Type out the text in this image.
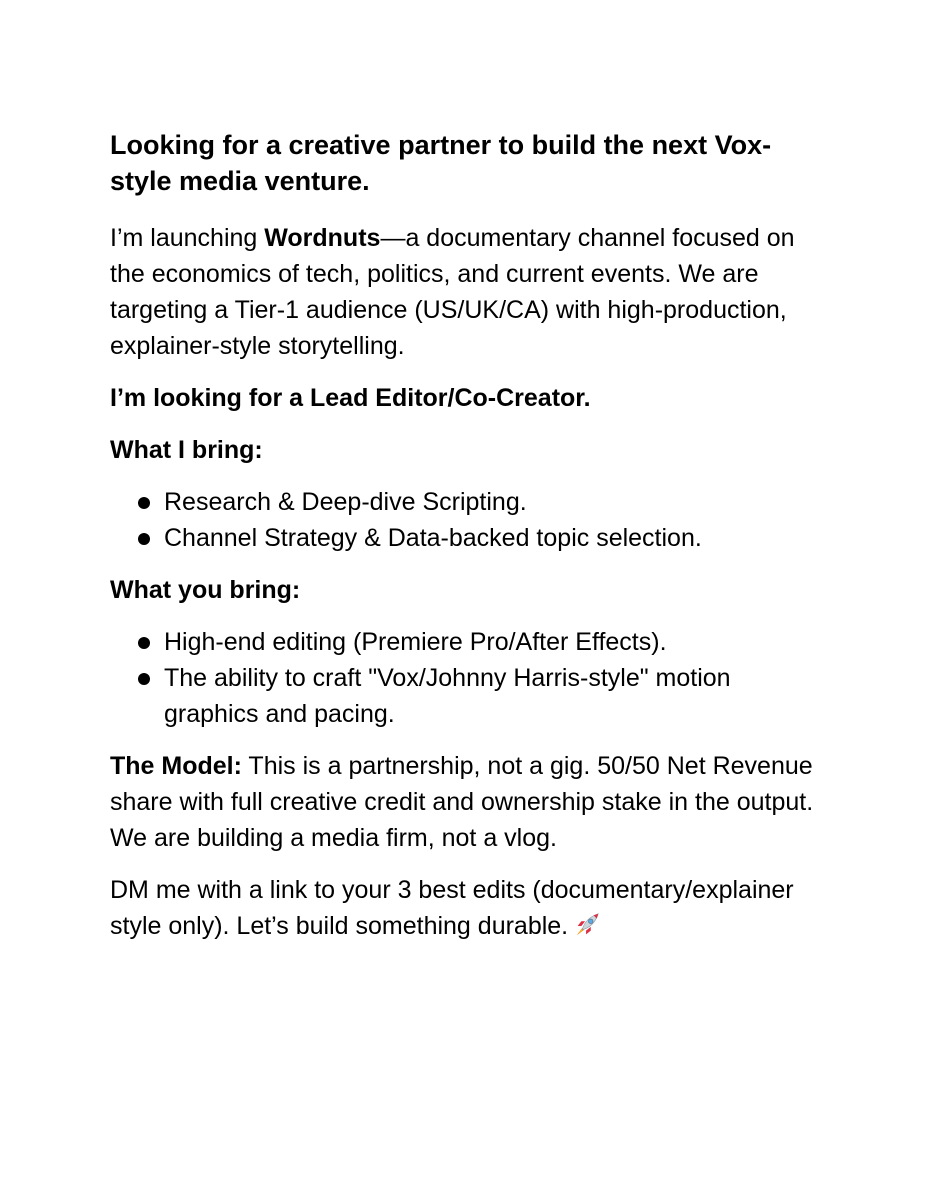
Looking for a creative partner to build the next Vox-style media venture.

I’m launching Wordnuts—a documentary channel focused on the economics of tech, politics, and current events. We are targeting a Tier-1 audience (US/UK/CA) with high-production, explainer-style storytelling.

I’m looking for a Lead Editor/Co-Creator.
What I bring:
Research & Deep-dive Scripting.
Channel Strategy & Data-backed topic selection.
What you bring:
High-end editing (Premiere Pro/After Effects).
The ability to craft "Vox/Johnny Harris-style" motion graphics and pacing.

The Model: This is a partnership, not a gig. 50/50 Net Revenue share with full creative credit and ownership stake in the output. We are building a media firm, not a vlog.

DM me with a link to your 3 best edits (documentary/explainer style only). Let’s build something durable.
